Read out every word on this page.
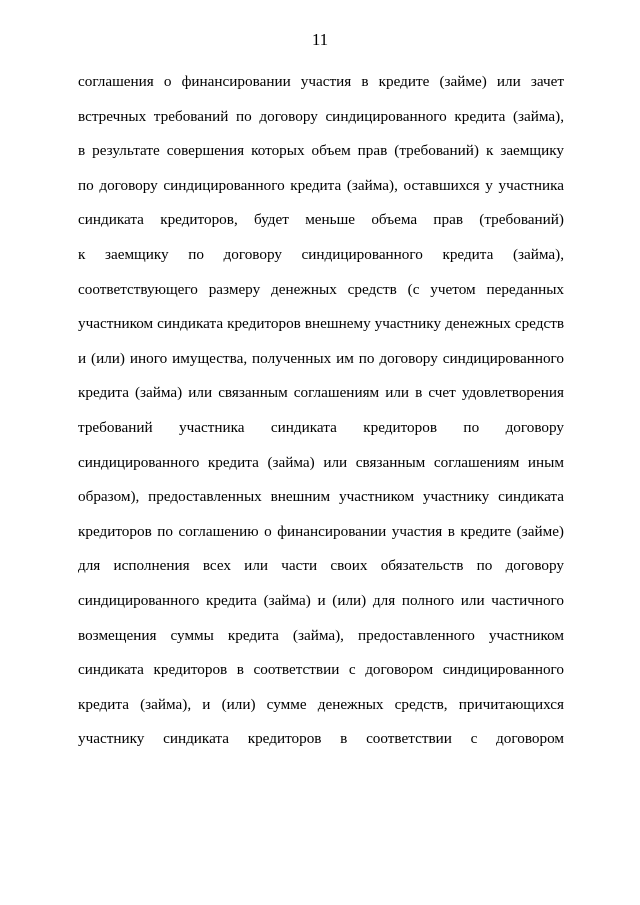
11
соглашения о финансировании участия в кредите (займе) или зачет
встречных требований по договору синдицированного кредита (займа),
в результате совершения которых объем прав (требований) к заемщику
по договору синдицированного кредита (займа), оставшихся у участника
синдиката кредиторов, будет меньше объема прав (требований)
к заемщику по договору синдицированного кредита (займа),
соответствующего размеру денежных средств (с учетом переданных
участником синдиката кредиторов внешнему участнику денежных средств
и (или) иного имущества, полученных им по договору синдицированного
кредита (займа) или связанным соглашениям или в счет удовлетворения
требований участника синдиката кредиторов по договору
синдицированного кредита (займа) или связанным соглашениям иным
образом), предоставленных внешним участником участнику синдиката
кредиторов по соглашению о финансировании участия в кредите (займе)
для исполнения всех или части своих обязательств по договору
синдицированного кредита (займа) и (или) для полного или частичного
возмещения суммы кредита (займа), предоставленного участником
синдиката кредиторов в соответствии с договором синдицированного
кредита (займа), и (или) сумме денежных средств, причитающихся
участнику синдиката кредиторов в соответствии с договором
